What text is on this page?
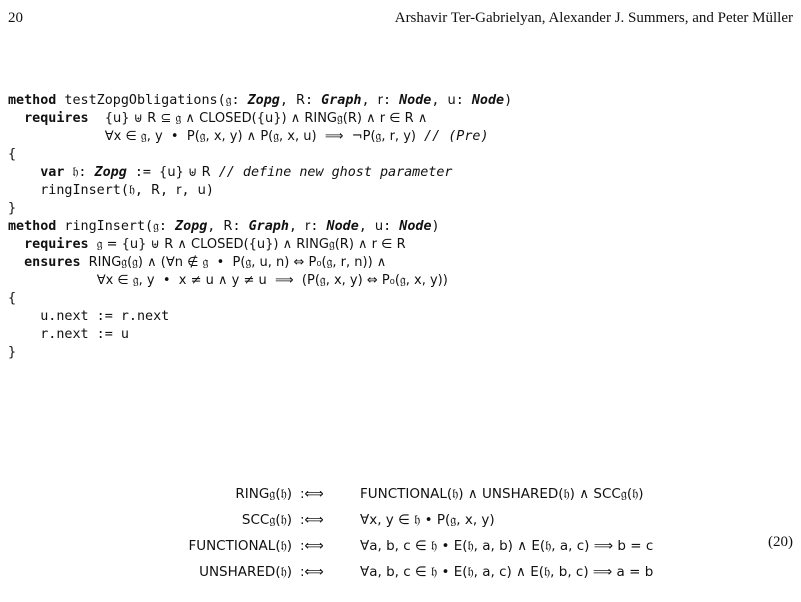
20	Arshavir Ter-Gabrielyan, Alexander J. Summers, and Peter Müller
method testZopgObligations(𝔤: Zopg, R: Graph, r: Node, u: Node)
requires {u} ⊎ R ⊆ 𝔤 ∧ CLOSED({u}) ∧ RING𝔤(R) ∧ r ∈ R ∧
∀x ∈ 𝔤, y  •  P(𝔤, x, y) ∧ P(𝔤, x, u)  ⟹  ¬P(𝔤, r, y) // (Pre)
{
var 𝔥: Zopg := {u} ⊎ R // define new ghost parameter
ringInsert(𝔥, R, r, u)
}
method ringInsert(𝔤: Zopg, R: Graph, r: Node, u: Node)
requires 𝔤 = {u} ⊎ R ∧ CLOSED({u}) ∧ RING𝔤(R) ∧ r ∈ R
ensures RING𝔤(𝔤) ∧ (∀n ∉ 𝔤  •  P(𝔤, u, n) ⇔ P₀(𝔤, r, n)) ∧
∀x ∈ 𝔤, y  •  x ≠ u ∧ y ≠ u  ⟹  (P(𝔤, x, y) ⇔ P₀(𝔤, x, y))
{
u.next := r.next
r.next := u
}
RING𝔤(𝔥) :⟺	FUNCTIONAL(𝔥) ∧ UNSHARED(𝔥) ∧ SCC𝔤(𝔥)
SCC𝔤(𝔥) :⟺	∀x, y ∈ 𝔥 • P(𝔤, x, y)
FUNCTIONAL(𝔥) :⟺	∀a, b, c ∈ 𝔥 • E(𝔥, a, b) ∧ E(𝔥, a, c) ⟹ b = c
UNSHARED(𝔥) :⟺	∀a, b, c ∈ 𝔥 • E(𝔥, a, c) ∧ E(𝔥, b, c) ⟹ a = b
(20)
